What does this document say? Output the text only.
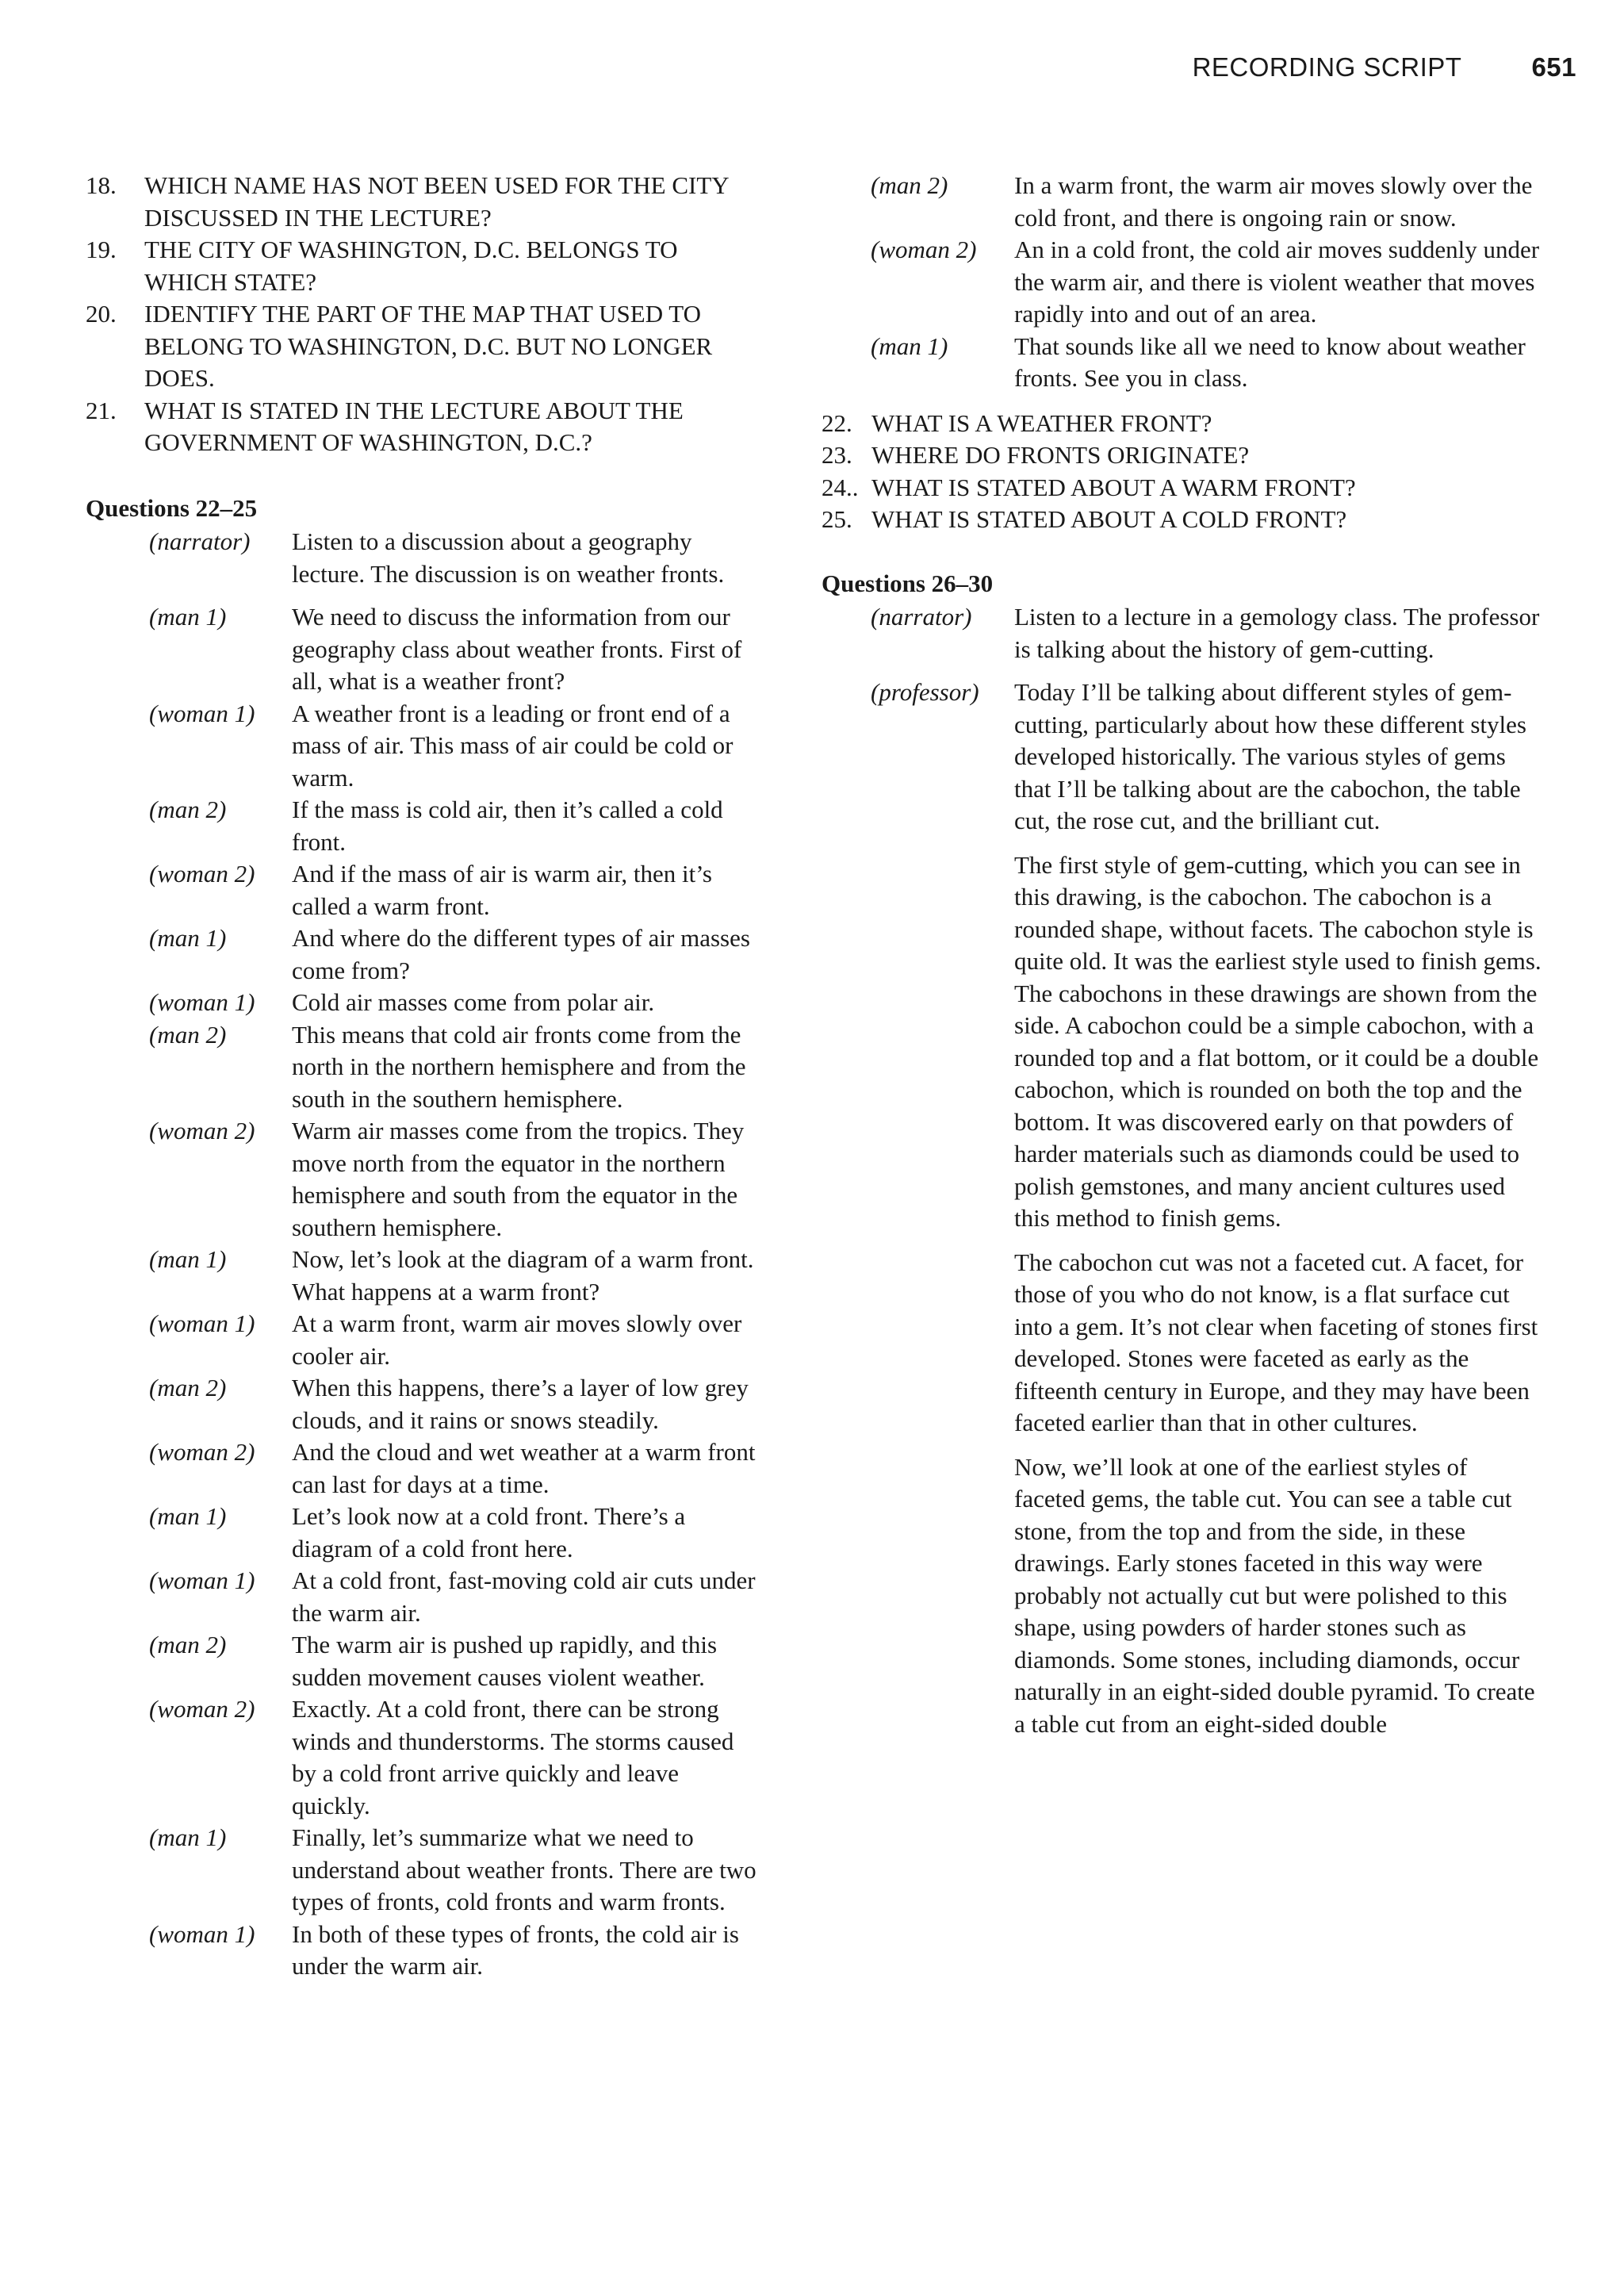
RECORDING SCRIPT	651
18.	WHICH NAME HAS NOT BEEN USED FOR THE CITY DISCUSSED IN THE LECTURE?
19.	THE CITY OF WASHINGTON, D.C. BELONGS TO WHICH STATE?
20.	IDENTIFY THE PART OF THE MAP THAT USED TO BELONG TO WASHINGTON, D.C. BUT NO LONGER DOES.
21.	WHAT IS STATED IN THE LECTURE ABOUT THE GOVERNMENT OF WASHINGTON, D.C.?
Questions 22–25
(narrator)	Listen to a discussion about a geography lecture. The discussion is on weather fronts.
(man 1)	We need to discuss the information from our geography class about weather fronts. First of all, what is a weather front?
(woman 1)	A weather front is a leading or front end of a mass of air. This mass of air could be cold or warm.
(man 2)	If the mass is cold air, then it’s called a cold front.
(woman 2)	And if the mass of air is warm air, then it’s called a warm front.
(man 1)	And where do the different types of air masses come from?
(woman 1)	Cold air masses come from polar air.
(man 2)	This means that cold air fronts come from the north in the northern hemisphere and from the south in the southern hemisphere.
(woman 2)	Warm air masses come from the tropics. They move north from the equator in the northern hemisphere and south from the equator in the southern hemisphere.
(man 1)	Now, let’s look at the diagram of a warm front. What happens at a warm front?
(woman 1)	At a warm front, warm air moves slowly over cooler air.
(man 2)	When this happens, there’s a layer of low grey clouds, and it rains or snows steadily.
(woman 2)	And the cloud and wet weather at a warm front can last for days at a time.
(man 1)	Let’s look now at a cold front. There’s a diagram of a cold front here.
(woman 1)	At a cold front, fast-moving cold air cuts under the warm air.
(man 2)	The warm air is pushed up rapidly, and this sudden movement causes violent weather.
(woman 2)	Exactly. At a cold front, there can be strong winds and thunderstorms. The storms caused by a cold front arrive quickly and leave quickly.
(man 1)	Finally, let’s summarize what we need to understand about weather fronts. There are two types of fronts, cold fronts and warm fronts.
(woman 1)	In both of these types of fronts, the cold air is under the warm air.
(man 2)	In a warm front, the warm air moves slowly over the cold front, and there is ongoing rain or snow.
(woman 2)	An in a cold front, the cold air moves suddenly under the warm air, and there is violent weather that moves rapidly into and out of an area.
(man 1)	That sounds like all we need to know about weather fronts. See you in class.
22. WHAT IS A WEATHER FRONT?
23. WHERE DO FRONTS ORIGINATE?
24.. WHAT IS STATED ABOUT A WARM FRONT?
25. WHAT IS STATED ABOUT A COLD FRONT?
Questions 26–30
(narrator)	Listen to a lecture in a gemology class. The professor is talking about the history of gem-cutting.
(professor)	Today I’ll be talking about different styles of gem-cutting, particularly about how these different styles developed historically. The various styles of gems that I’ll be talking about are the cabochon, the table cut, the rose cut, and the brilliant cut.
The first style of gem-cutting, which you can see in this drawing, is the cabochon. The cabochon is a rounded shape, without facets. The cabochon style is quite old. It was the earliest style used to finish gems. The cabochons in these drawings are shown from the side. A cabochon could be a simple cabochon, with a rounded top and a flat bottom, or it could be a double cabochon, which is rounded on both the top and the bottom. It was discovered early on that powders of harder materials such as diamonds could be used to polish gemstones, and many ancient cultures used this method to finish gems.
The cabochon cut was not a faceted cut. A facet, for those of you who do not know, is a flat surface cut into a gem. It’s not clear when faceting of stones first developed. Stones were faceted as early as the fifteenth century in Europe, and they may have been faceted earlier than that in other cultures.
Now, we’ll look at one of the earliest styles of faceted gems, the table cut. You can see a table cut stone, from the top and from the side, in these drawings. Early stones faceted in this way were probably not actually cut but were polished to this shape, using powders of harder stones such as diamonds. Some stones, including diamonds, occur naturally in an eight-sided double pyramid. To create a table cut from an eight-sided double
